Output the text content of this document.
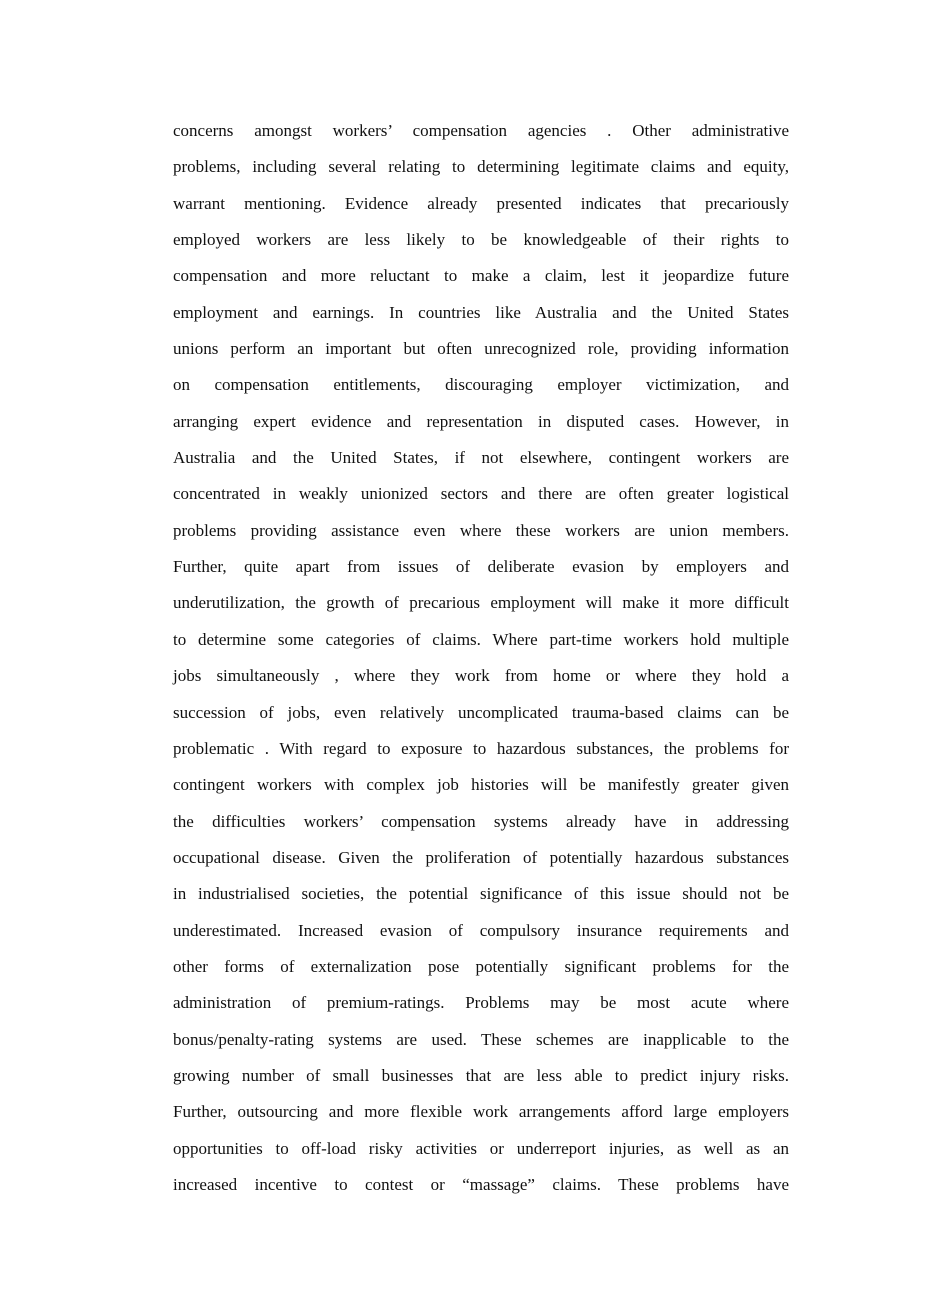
concerns amongst workers’ compensation agencies . Other administrative
problems, including several relating to determining legitimate claims and equity,
warrant mentioning. Evidence already presented indicates that precariously
employed workers are less likely to be knowledgeable of their rights to
compensation and more reluctant to make a claim, lest it jeopardize future
employment and earnings. In countries like Australia and the United States
unions perform an important but often unrecognized role, providing information
on compensation entitlements, discouraging employer victimization, and
arranging expert evidence and representation in disputed cases. However, in
Australia and the United States, if not elsewhere, contingent workers are
concentrated in weakly unionized sectors and there are often greater logistical
problems providing assistance even where these workers are union members.
Further, quite apart from issues of deliberate evasion by employers and
underutilization, the growth of precarious employment will make it more difficult
to determine some categories of claims. Where part-time workers hold multiple
jobs simultaneously , where they work from home or where they hold a
succession of jobs, even relatively uncomplicated trauma-based claims can be
problematic . With regard to exposure to hazardous substances, the problems for
contingent workers with complex job histories will be manifestly greater given
the difficulties workers’ compensation systems already have in addressing
occupational disease. Given the proliferation of potentially hazardous substances
in industrialised societies, the potential significance of this issue should not be
underestimated. Increased evasion of compulsory insurance requirements and
other forms of externalization pose potentially significant problems for the
administration of premium-ratings. Problems may be most acute where
bonus/penalty-rating systems are used. These schemes are inapplicable to the
growing number of small businesses that are less able to predict injury risks.
Further, outsourcing and more flexible work arrangements afford large employers
opportunities to off-load risky activities or underreport injuries, as well as an
increased incentive to contest or “massage” claims. These problems have
